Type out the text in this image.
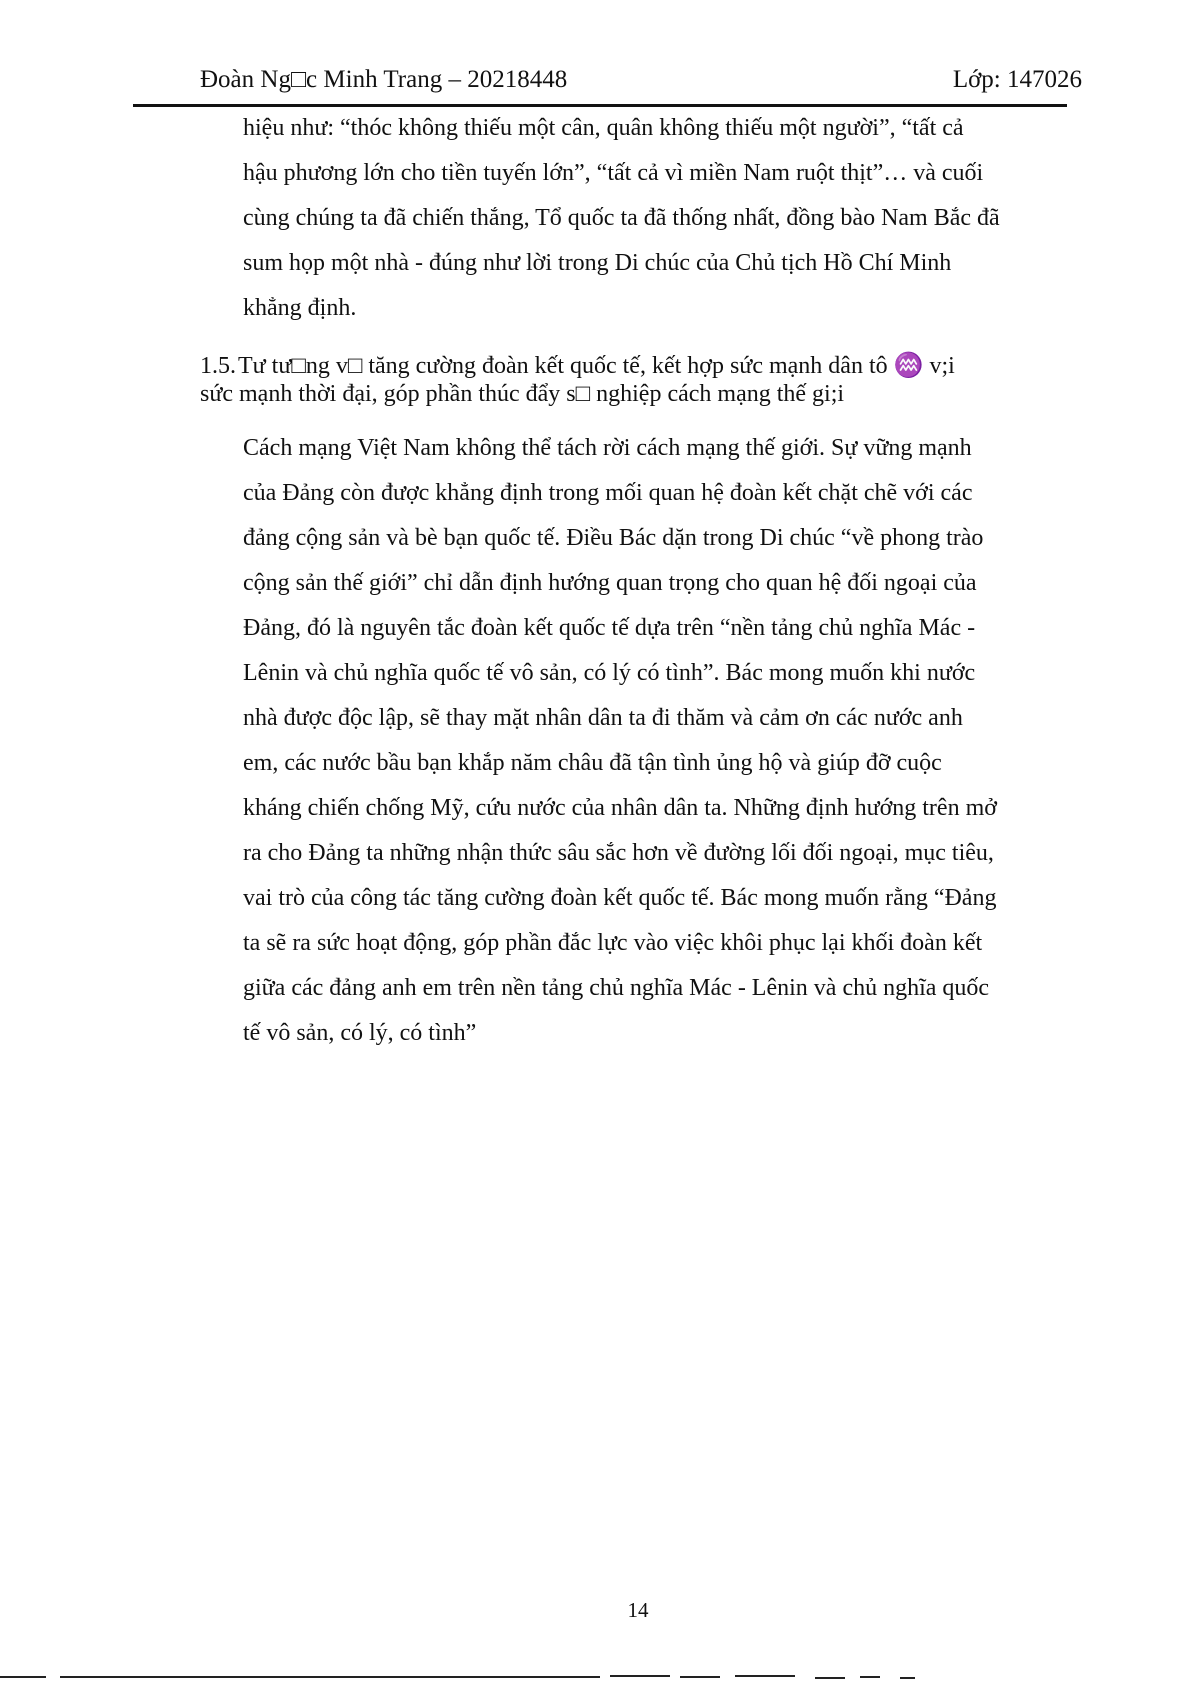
Đoàn Ng□c Minh Trang – 20218448	Lớp: 147026
hiệu như: “thóc không thiếu một cân, quân không thiếu một người”, “tất cả
hậu phương lớn cho tiền tuyến lớn”, “tất cả vì miền Nam ruột thịt”… và cuối
cùng chúng ta đã chiến thắng, Tổ quốc ta đã thống nhất, đồng bào Nam Bắc đã
sum họp một nhà - đúng như lời trong Di chúc của Chủ tịch Hồ Chí Minh
khẳng định.
1.5.Tư tư□ng v□ tăng cường đoàn kết quốc tế, kết hợp sức mạnh dân tô ♒ v;i
sức mạnh thời đại, góp phần thúc đẩy s□ nghiệp cách mạng thế gi;i
Cách mạng Việt Nam không thể tách rời cách mạng thế giới. Sự vững mạnh
của Đảng còn được khẳng định trong mối quan hệ đoàn kết chặt chẽ với các
đảng cộng sản và bè bạn quốc tế. Điều Bác dặn trong Di chúc “về phong trào
cộng sản thế giới” chỉ dẫn định hướng quan trọng cho quan hệ đối ngoại của
Đảng, đó là nguyên tắc đoàn kết quốc tế dựa trên “nền tảng chủ nghĩa Mác -
Lênin và chủ nghĩa quốc tế vô sản, có lý có tình”. Bác mong muốn khi nước
nhà được độc lập, sẽ thay mặt nhân dân ta đi thăm và cảm ơn các nước anh
em, các nước bầu bạn khắp năm châu đã tận tình ủng hộ và giúp đỡ cuộc
kháng chiến chống Mỹ, cứu nước của nhân dân ta. Những định hướng trên mở
ra cho Đảng ta những nhận thức sâu sắc hơn về đường lối đối ngoại, mục tiêu,
vai trò của công tác tăng cường đoàn kết quốc tế. Bác mong muốn rằng “Đảng
ta sẽ ra sức hoạt động, góp phần đắc lực vào việc khôi phục lại khối đoàn kết
giữa các đảng anh em trên nền tảng chủ nghĩa Mác - Lênin và chủ nghĩa quốc
tế vô sản, có lý, có tình”
14
